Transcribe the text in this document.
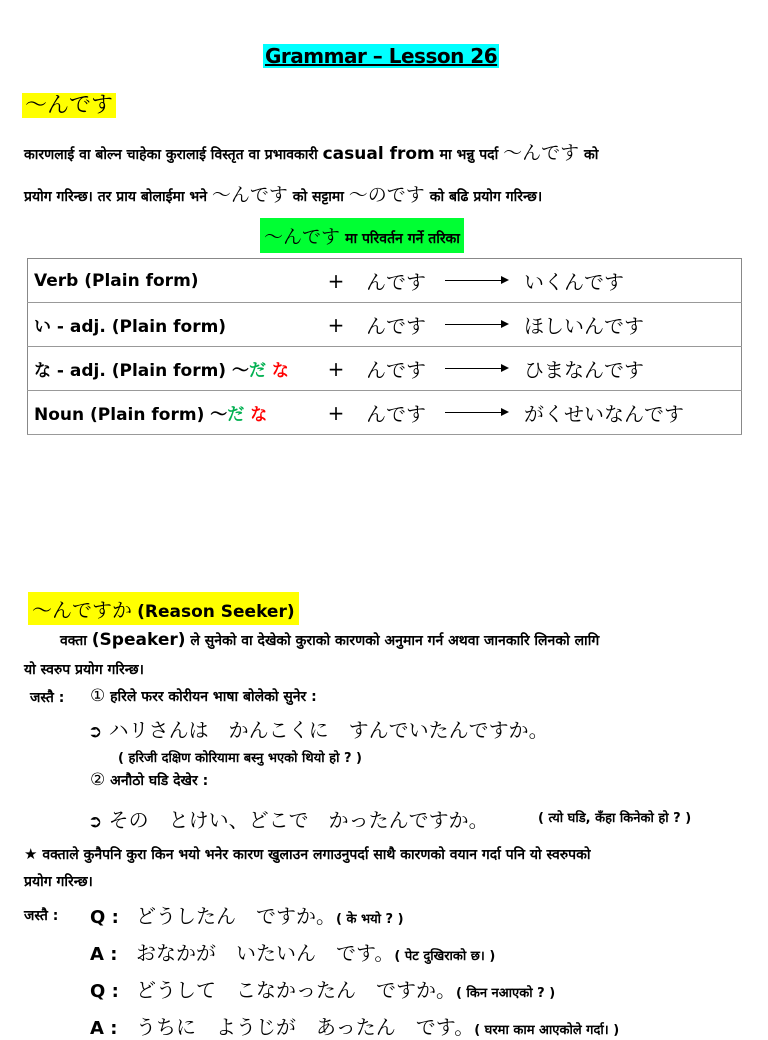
Grammar – Lesson 26
〜んです
कारणलाई वा बोल्न चाहेका कुरालाई विस्तृत वा प्रभावकारी casual from मा भन्नु पर्दा 〜んです को
प्रयोग गरिन्छ। तर प्राय बोलाईमा भने 〜んです को सट्टामा 〜のです को बढि प्रयोग गरिन्छ।
〜んです मा परिवर्तन गर्ने तरिका
Verb (Plain form)	+	んです		いくんです
い - adj. (Plain form)	+	んです		ほしいんです
な - adj. (Plain form) 〜だ な	+	んです		ひまなんです
Noun (Plain form) 〜だ な	+	んです		がくせいなんです
〜んですか (Reason Seeker)
वक्ता (Speaker) ले सुनेको वा देखेको कुराको कारणको अनुमान गर्न अथवा जानकारि लिनको लागि
यो स्वरुप प्रयोग गरिन्छ।
जस्तै : ① हरिले फरर कोरीयन भाषा बोलेको सुनेर :
➲ ハリさんは　かんこくに　すんでいたんですか。
( हरिजी दक्षिण कोरियामा बस्नु भएको थियो हो ? )
② अनौठो घडि देखेर :
➲ その　とけい、どこで　かったんですか。	( त्यो घडि, कँहा किनेको हो ? )
★ वक्ताले कुनैपनि कुरा किन भयो भनेर कारण खुलाउन लगाउनुपर्दा साथै कारणको वयान गर्दा पनि यो स्वरुपको
प्रयोग गरिन्छ।
जस्तै : Q : どうしたん　ですか。( के भयो ? )
A : おなかが　いたいん　です。( पेट दुखिराको छ। )
Q : どうして　こなかったん　ですか。( किन नआएको ? )
A : うちに　ようじが　あったん　です。( घरमा काम आएकोले गर्दा। )
